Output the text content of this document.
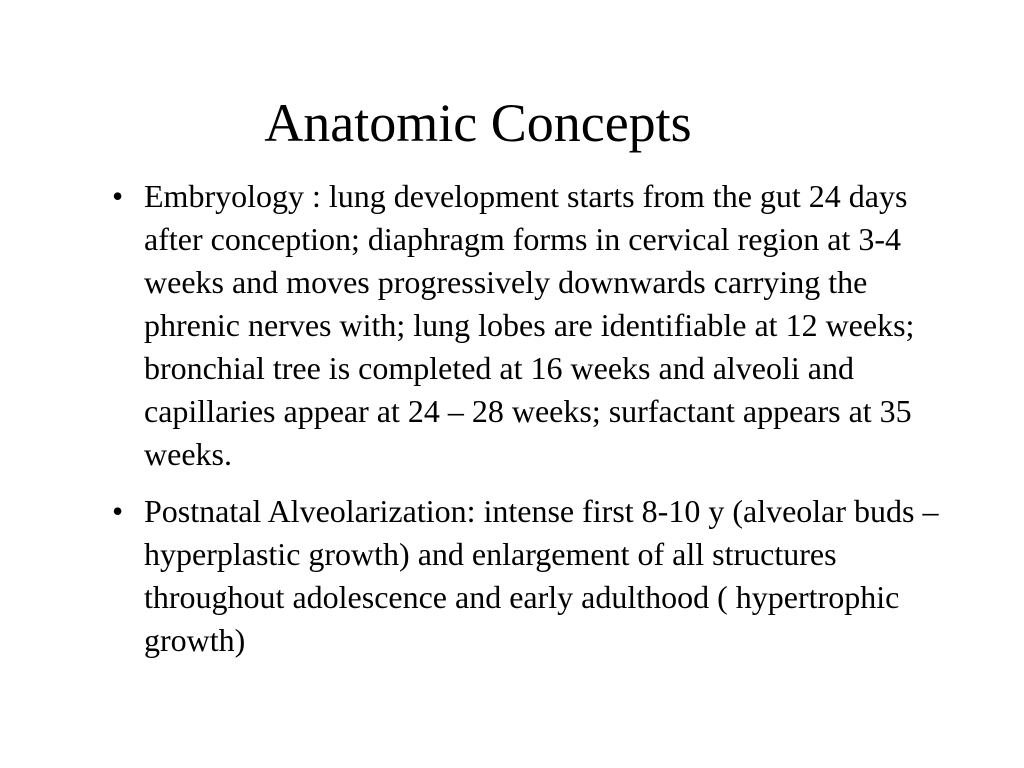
Anatomic Concepts
• Embryology : lung development starts from the gut 24 days after conception; diaphragm forms in cervical region at 3-4 weeks and moves progressively downwards carrying the phrenic nerves with; lung lobes are identifiable at 12 weeks; bronchial tree is completed at 16 weeks and alveoli and capillaries appear at 24 – 28 weeks; surfactant appears at 35 weeks.
• Postnatal Alveolarization: intense first 8-10 y (alveolar buds – hyperplastic growth) and enlargement of all structures throughout adolescence and early adulthood ( hypertrophic growth)
